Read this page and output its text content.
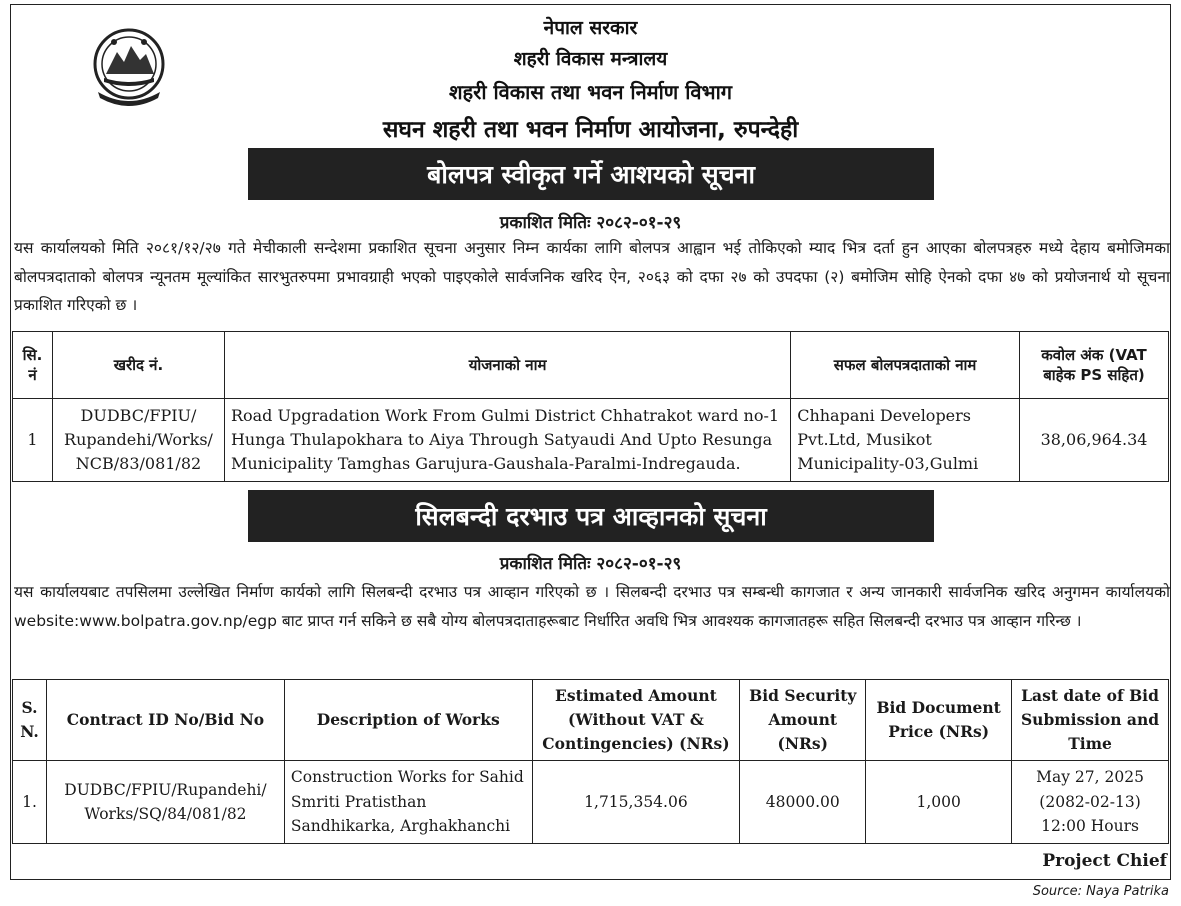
नेपाल सरकार
शहरी विकास मन्त्रालय
शहरी विकास तथा भवन निर्माण विभाग
सघन शहरी तथा भवन निर्माण आयोजना, रुपन्देही
बोलपत्र स्वीकृत गर्ने आशयको सूचना
प्रकाशित मितिः २०८२-०१-२९

यस कार्यालयको मिति २०८१/१२/२७ गते मेचीकाली सन्देशमा प्रकाशित सूचना अनुसार निम्न कार्यका लागि बोलपत्र आह्वान भई तोकिएको म्याद भित्र दर्ता हुन आएका बोलपत्रहरु मध्ये देहाय बमोजिमका बोलपत्रदाताको बोलपत्र न्यूनतम मूल्यांकित सारभुतरुपमा प्रभावग्राही भएको पाइएकोले सार्वजनिक खरिद ऐन, २०६३ को दफा २७ को उपदफा (२) बमोजिम सोहि ऐनको दफा ४७ को प्रयोजनार्थ यो सूचना प्रकाशित गरिएको छ ।

सि. नं	खरीद नं.	योजनाको नाम	सफल बोलपत्रदाताको नाम	कवोल अंक (VAT बाहेक PS सहित)
1	DUDBC/FPIU/ Rupandehi/Works/ NCB/83/081/82	Road Upgradation Work From Gulmi District Chhatrakot ward no-1 Hunga Thulapokhara to Aiya Through Satyaudi And Upto Resunga Municipality Tamghas Garujura-Gaushala-Paralmi-Indregauda.	Chhapani Developers Pvt.Ltd, Musikot Municipality-03,Gulmi	38,06,964.34
सिलबन्दी दरभाउ पत्र आव्हानको सूचना
प्रकाशित मितिः २०८२-०१-२९

यस कार्यालयबाट तपसिलमा उल्लेखित निर्माण कार्यको लागि सिलबन्दी दरभाउ पत्र आव्हान गरिएको छ । सिलबन्दी दरभाउ पत्र सम्बन्धी कागजात र अन्य जानकारी सार्वजनिक खरिद अनुगमन कार्यालयको website:www.bolpatra.gov.np/egp बाट प्राप्त गर्न सकिने छ सबै योग्य बोलपत्रदाताहरूबाट निर्धारित अवधि भित्र आवश्यक कागजातहरू सहित सिलबन्दी दरभाउ पत्र आव्हान गरिन्छ ।

S. N.	Contract ID No/Bid No	Description of Works	Estimated Amount (Without VAT & Contingencies) (NRs)	Bid Security Amount (NRs)	Bid Document Price (NRs)	Last date of Bid Submission and Time
1.	DUDBC/FPIU/Rupandehi/ Works/SQ/84/081/82	Construction Works for Sahid Smriti Pratisthan Sandhikarka, Arghakhanchi	1,715,354.06	48000.00	1,000	May 27, 2025
(2082-02-13)
12:00 Hours
Project Chief
Source: Naya Patrika
